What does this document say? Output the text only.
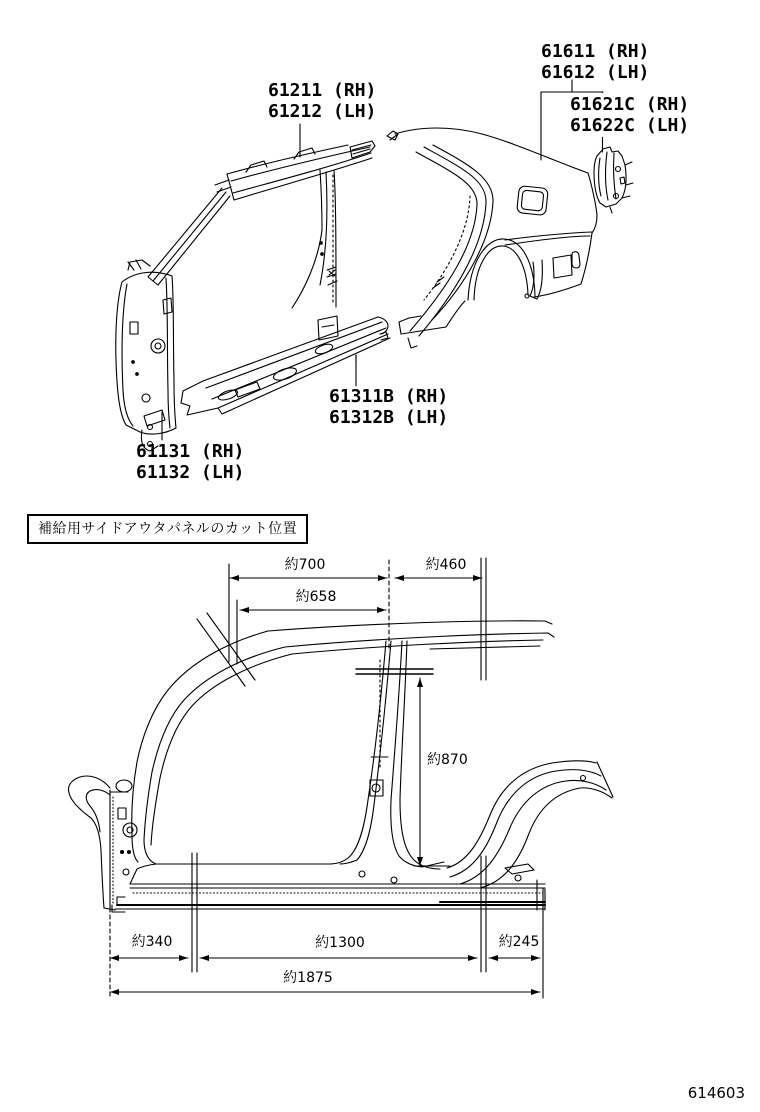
61211 (RH)
61212 (LH)
61611 (RH)
61612 (LH)
61621C (RH)
61622C (LH)
61311B (RH)
61312B (LH)
61131 (RH)
61132 (LH)
補給用サイドアウタパネルのカット位置
約700	約460
約658
約870
約340	約1300	約245
約1875
614603
